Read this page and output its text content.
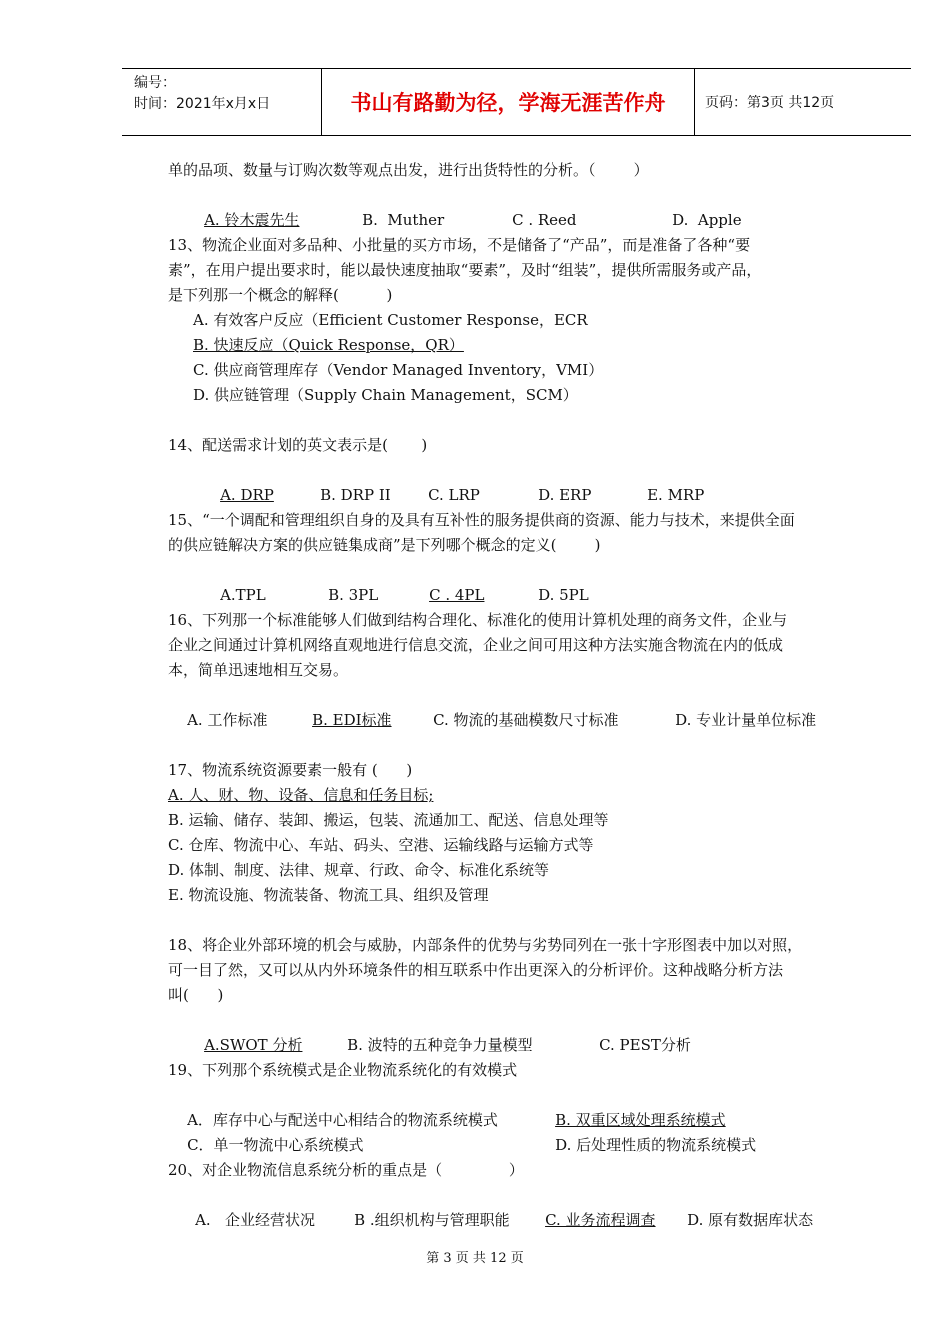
编号：
时间：2021年x月x日	书山有路勤为径，学海无涯苦作舟	页码：第3页 共12页
单的品项、数量与订购次数等观点出发，进行出货特性的分析。（        ）

A. 铃木震先生	B.  Muther	C . Reed	D.  Apple

13、物流企业面对多品种、小批量的买方市场，不是储备了“产品”，而是准备了各种“要
素”，在用户提出要求时，能以最快速度抽取“要素”，及时“组装”，提供所需服务或产品，
是下列那一个概念的解释(          )
A. 有效客户反应（Efficient Customer Response，ECR
B. 快速反应（Quick Response，QR）
C. 供应商管理库存（Vendor Managed Inventory，VMI）
D. 供应链管理（Supply Chain Management，SCM）
14、配送需求计划的英文表示是(       )

A. DRP	B. DRP II C. LRP	D. ERP	E. MRP

15、“一个调配和管理组织自身的及具有互补性的服务提供商的资源、能力与技术，来提供全面
的供应链解决方案的供应链集成商”是下列哪个概念的定义(        )

A.TPL	B. 3PL	C . 4PL	D. 5PL

16、下列那一个标准能够人们做到结构合理化、标准化的使用计算机处理的商务文件，企业与
企业之间通过计算机网络直观地进行信息交流，企业之间可用这种方法实施含物流在内的低成
本，简单迅速地相互交易。

A. 工作标准	B. EDI标准	C. 物流的基础模数尺寸标准	D. 专业计量单位标准

17、物流系统资源要素一般有 (      )
A. 人、财、物、设备、信息和任务目标;
B. 运输、储存、装卸、搬运，包装、流通加工、配送、信息处理等
C. 仓库、物流中心、车站、码头、空港、运输线路与运输方式等
D. 体制、制度、法律、规章、行政、命令、标准化系统等
E. 物流设施、物流装备、物流工具、组织及管理
18、将企业外部环境的机会与威胁，内部条件的优势与劣势同列在一张十字形图表中加以对照，
可一目了然，又可以从内外环境条件的相互联系中作出更深入的分析评价。这种战略分析方法
叫(      )

A.SWOT 分析	B. 波特的五种竞争力量模型	C. PEST分析

19、下列那个系统模式是企业物流系统化的有效模式

A．库存中心与配送中心相结合的物流系统模式	B. 双重区域处理系统模式

C．单一物流中心系统模式	D. 后处理性质的物流系统模式

20、对企业物流信息系统分析的重点是（              ）

A.   企业经营状况	B .组织机构与管理职能 C. 业务流程调查 D. 原有数据库状态

第 3 页 共 12 页
